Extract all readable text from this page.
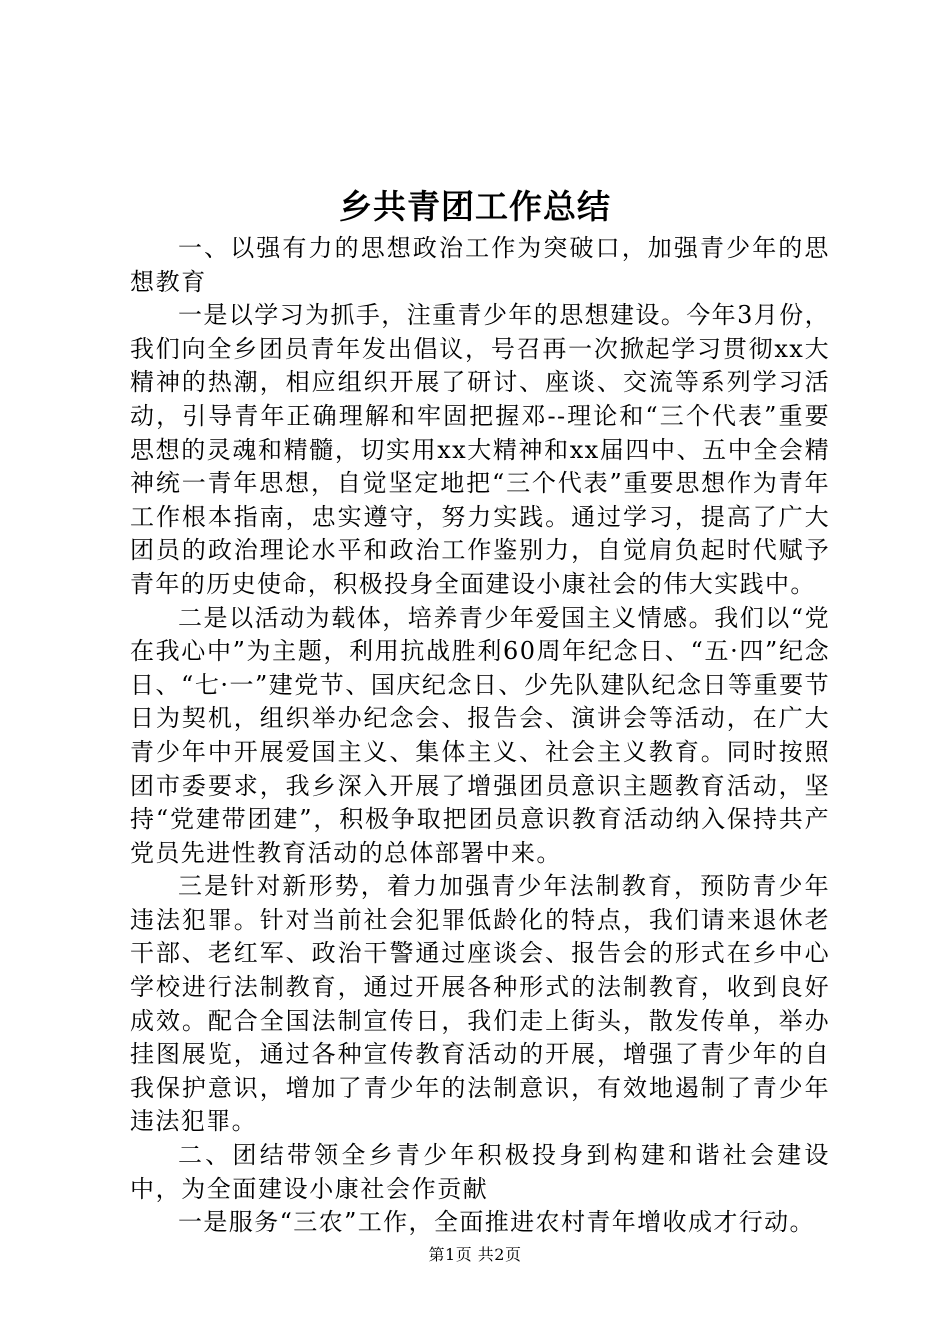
乡共青团工作总结

一、以强有力的思想政治工作为突破口，加强青少年的思想教育

一是以学习为抓手，注重青少年的思想建设。今年3月份，我们向全乡团员青年发出倡议，号召再一次掀起学习贯彻xx大精神的热潮，相应组织开展了研讨、座谈、交流等系列学习活动，引导青年正确理解和牢固把握邓--理论和“三个代表”重要思想的灵魂和精髓，切实用xx大精神和xx届四中、五中全会精神统一青年思想，自觉坚定地把“三个代表”重要思想作为青年工作根本指南，忠实遵守，努力实践。通过学习，提高了广大团员的政治理论水平和政治工作鉴别力，自觉肩负起时代赋予青年的历史使命，积极投身全面建设小康社会的伟大实践中。

二是以活动为载体，培养青少年爱国主义情感。我们以“党在我心中”为主题，利用抗战胜利60周年纪念日、“五·四”纪念日、“七·一”建党节、国庆纪念日、少先队建队纪念日等重要节日为契机，组织举办纪念会、报告会、演讲会等活动，在广大青少年中开展爱国主义、集体主义、社会主义教育。同时按照团市委要求，我乡深入开展了增强团员意识主题教育活动，坚持“党建带团建”，积极争取把团员意识教育活动纳入保持共产党员先进性教育活动的总体部署中来。

三是针对新形势，着力加强青少年法制教育，预防青少年违法犯罪。针对当前社会犯罪低龄化的特点，我们请来退休老干部、老红军、政治干警通过座谈会、报告会的形式在乡中心学校进行法制教育，通过开展各种形式的法制教育，收到良好成效。配合全国法制宣传日，我们走上街头，散发传单，举办挂图展览，通过各种宣传教育活动的开展，增强了青少年的自我保护意识，增加了青少年的法制意识，有效地遏制了青少年违法犯罪。

二、团结带领全乡青少年积极投身到构建和谐社会建设中，为全面建设小康社会作贡献

一是服务“三农”工作，全面推进农村青年增收成才行动。

第1页 共2页
